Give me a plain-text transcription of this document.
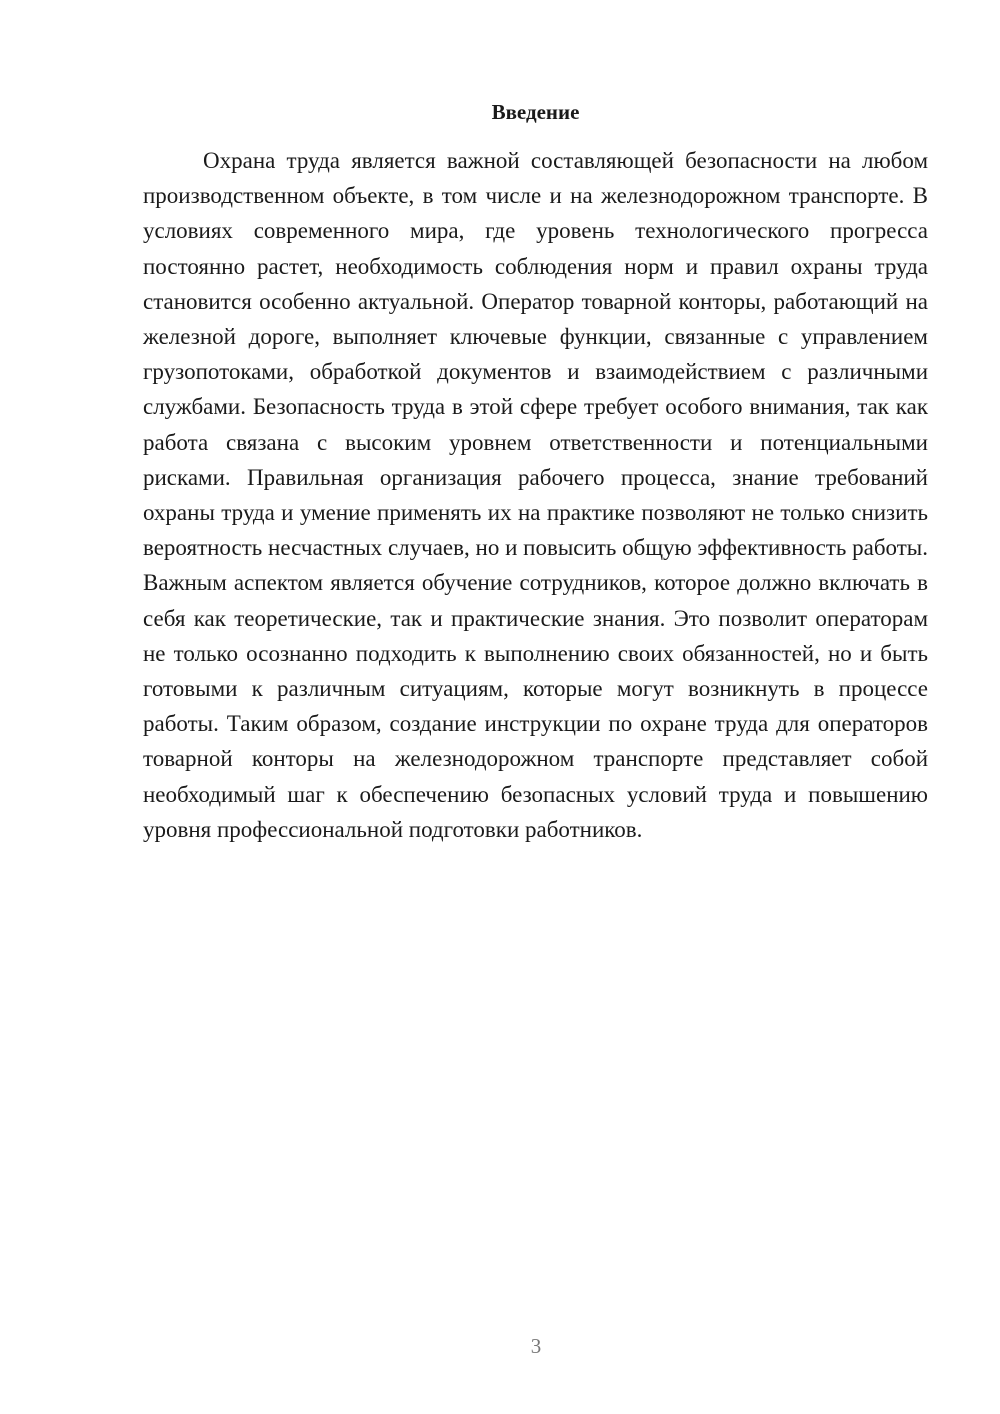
Введение

Охрана труда является важной составляющей безопасности на любом производственном объекте, в том числе и на железнодорожном транспорте. В условиях современного мира, где уровень технологического прогресса постоянно растет, необходимость соблюдения норм и правил охраны труда становится особенно актуальной. Оператор товарной конторы, работающий на железной дороге, выполняет ключевые функции, связанные с управлением грузопотоками, обработкой документов и взаимодействием с различными службами. Безопасность труда в этой сфере требует особого внимания, так как работа связана с высоким уровнем ответственности и потенциальными рисками. Правильная организация рабочего процесса, знание требований охраны труда и умение применять их на практике позволяют не только снизить вероятность несчастных случаев, но и повысить общую эффективность работы. Важным аспектом является обучение сотрудников, которое должно включать в себя как теоретические, так и практические знания. Это позволит операторам не только осознанно подходить к выполнению своих обязанностей, но и быть готовыми к различным ситуациям, которые могут возникнуть в процессе работы. Таким образом, создание инструкции по охране труда для операторов товарной конторы на железнодорожном транспорте представляет собой необходимый шаг к обеспечению безопасных условий труда и повышению уровня профессиональной подготовки работников.

3
